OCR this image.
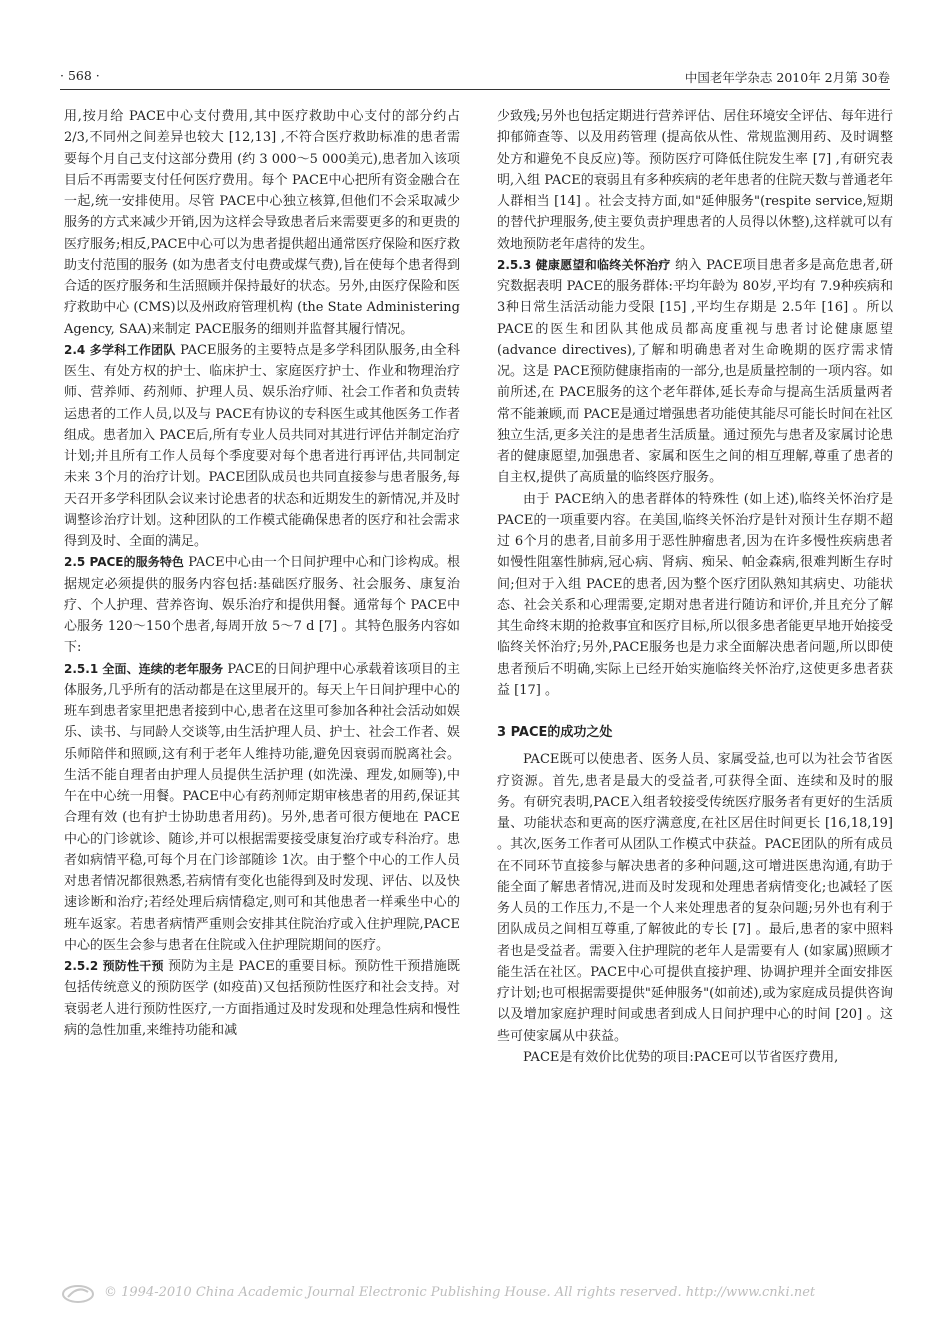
· 568 ·	中国老年学杂志 2010年 2月第 30卷

用,按月给 PACE中心支付费用,其中医疗救助中心支付的部分约占 2/3,不同州之间差异也较大 [12,13] ,不符合医疗救助标准的患者需要每个月自己支付这部分费用 (约 3 000～5 000美元),患者加入该项目后不再需要支付任何医疗费用。每个 PACE中心把所有资金融合在一起,统一安排使用。尽管 PACE中心独立核算,但他们不会采取减少服务的方式来减少开销,因为这样会导致患者后来需要更多的和更贵的医疗服务;相反,PACE中心可以为患者提供超出通常医疗保险和医疗救助支付范围的服务 (如为患者支付电费或煤气费),旨在使每个患者得到合适的医疗服务和生活照顾并保持最好的状态。另外,由医疗保险和医疗救助中心 (CMS)以及州政府管理机构 (the State Administering Agency, SAA)来制定 PACE服务的细则并监督其履行情况。

2.4 多学科工作团队 PACE服务的主要特点是多学科团队服务,由全科医生、有处方权的护士、临床护士、家庭医疗护士、作业和物理治疗师、营养师、药剂师、护理人员、娱乐治疗师、社会工作者和负责转运患者的工作人员,以及与 PACE有协议的专科医生或其他医务工作者组成。患者加入 PACE后,所有专业人员共同对其进行评估并制定治疗计划;并且所有工作人员每个季度要对每个患者进行再评估,共同制定未来 3个月的治疗计划。PACE团队成员也共同直接参与患者服务,每天召开多学科团队会议来讨论患者的状态和近期发生的新情况,并及时调整诊治疗计划。这种团队的工作模式能确保患者的医疗和社会需求得到及时、全面的满足。

2.5 PACE的服务特色 PACE中心由一个日间护理中心和门诊构成。根据规定必须提供的服务内容包括:基础医疗服务、社会服务、康复治疗、个人护理、营养咨询、娱乐治疗和提供用餐。通常每个 PACE中心服务 120～150个患者,每周开放 5～7 d [7] 。其特色服务内容如下:

2.5.1 全面、连续的老年服务 PACE的日间护理中心承载着该项目的主体服务,几乎所有的活动都是在这里展开的。每天上午日间护理中心的班车到患者家里把患者接到中心,患者在这里可参加各种社会活动如娱乐、读书、与同龄人交谈等,由生活护理人员、护士、社会工作者、娱乐师陪伴和照顾,这有利于老年人维持功能,避免因衰弱而脱离社会。生活不能自理者由护理人员提供生活护理 (如洗澡、理发,如厕等),中午在中心统一用餐。PACE中心有药剂师定期审核患者的用药,保证其合理有效 (也有护士协助患者用药)。另外,患者可很方便地在 PACE中心的门诊就诊、随诊,并可以根据需要接受康复治疗或专科治疗。患者如病情平稳,可每个月在门诊部随诊 1次。由于整个中心的工作人员对患者情况都很熟悉,若病情有变化也能得到及时发现、评估、以及快速诊断和治疗;若经处理后病情稳定,则可和其他患者一样乘坐中心的班车返家。若患者病情严重则会安排其住院治疗或入住护理院,PACE中心的医生会参与患者在住院或入住护理院期间的医疗。

2.5.2 预防性干预 预防为主是 PACE的重要目标。预防性干预措施既包括传统意义的预防医学 (如疫苗)又包括预防性医疗和社会支持。对衰弱老人进行预防性医疗,一方面指通过及时发现和处理急性病和慢性病的急性加重,来维持功能和减

少致残;另外也包括定期进行营养评估、居住环境安全评估、每年进行抑郁筛查等、以及用药管理 (提高依从性、常规监测用药、及时调整处方和避免不良反应)等。预防医疗可降低住院发生率 [7] ,有研究表明,入组 PACE的衰弱且有多种疾病的老年患者的住院天数与普通老年人群相当 [14] 。社会支持方面,如"延伸服务"(respite service,短期的替代护理服务,使主要负责护理患者的人员得以休整),这样就可以有效地预防老年虐待的发生。

2.5.3 健康愿望和临终关怀治疗 纳入 PACE项目患者多是高危患者,研究数据表明 PACE的服务群体:平均年龄为 80岁,平均有 7.9种疾病和 3种日常生活活动能力受限 [15] ,平均生存期是 2.5年 [16] 。所以 PACE的医生和团队其他成员都高度重视与患者讨论健康愿望 (advance directives),了解和明确患者对生命晚期的医疗需求情况。这是 PACE预防健康指南的一部分,也是质量控制的一项内容。如前所述,在 PACE服务的这个老年群体,延长寿命与提高生活质量两者常不能兼顾,而 PACE是通过增强患者功能使其能尽可能长时间在社区独立生活,更多关注的是患者生活质量。通过预先与患者及家属讨论患者的健康愿望,加强患者、家属和医生之间的相互理解,尊重了患者的自主权,提供了高质量的临终医疗服务。

由于 PACE纳入的患者群体的特殊性 (如上述),临终关怀治疗是 PACE的一项重要内容。在美国,临终关怀治疗是针对预计生存期不超过 6个月的患者,目前多用于恶性肿瘤患者,因为在许多慢性疾病患者如慢性阻塞性肺病,冠心病、肾病、痴呆、帕金森病,很难判断生存时间;但对于入组 PACE的患者,因为整个医疗团队熟知其病史、功能状态、社会关系和心理需要,定期对患者进行随访和评价,并且充分了解其生命终末期的抢救事宜和医疗目标,所以很多患者能更早地开始接受临终关怀治疗;另外,PACE服务也是力求全面解决患者问题,所以即使患者预后不明确,实际上已经开始实施临终关怀治疗,这使更多患者获益 [17] 。

3 PACE的成功之处

PACE既可以使患者、医务人员、家属受益,也可以为社会节省医疗资源。首先,患者是最大的受益者,可获得全面、连续和及时的服务。有研究表明,PACE入组者较接受传统医疗服务者有更好的生活质量、功能状态和更高的医疗满意度,在社区居住时间更长 [16,18,19] 。其次,医务工作者可从团队工作模式中获益。PACE团队的所有成员在不同环节直接参与解决患者的多种问题,这可增进医患沟通,有助于能全面了解患者情况,进而及时发现和处理患者病情变化;也减轻了医务人员的工作压力,不是一个人来处理患者的复杂问题;另外也有利于团队成员之间相互尊重,了解彼此的专长 [7] 。最后,患者的家中照料者也是受益者。需要入住护理院的老年人是需要有人 (如家属)照顾才能生活在社区。PACE中心可提供直接护理、协调护理并全面安排医疗计划;也可根据需要提供"延伸服务"(如前述),或为家庭成员提供咨询以及增加家庭护理时间或患者到成人日间护理中心的时间 [20] 。这些可使家属从中获益。

PACE是有效价比优势的项目:PACE可以节省医疗费用,

© 1994-2010 China Academic Journal Electronic Publishing House. All rights reserved. http://www.cnki.net
